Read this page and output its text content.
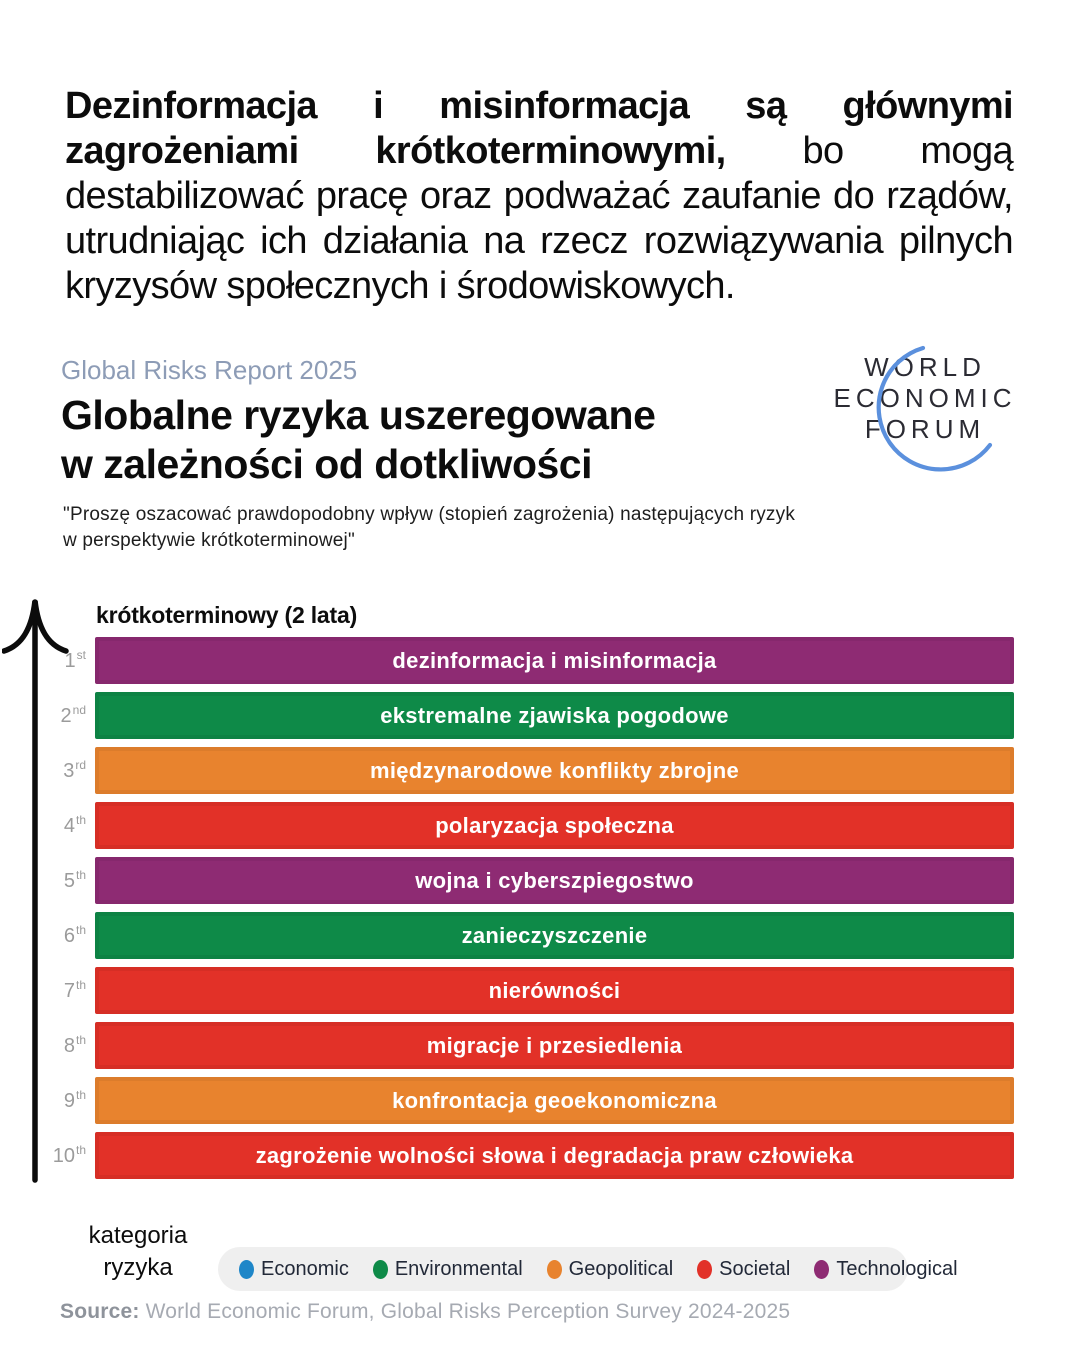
Dezinformacja i misinformacja są głównymi zagrożeniami krótkoterminowymi, bo mogą destabilizować pracę oraz podważać zaufanie do rządów, utrudniając ich działania na rzecz rozwiązywania pilnych kryzysów społecznych i środowiskowych.

Global Risks Report 2025
Globalne ryzyka uszeregowane
w zależności od dotkliwości
"Proszę oszacować prawdopodobny wpływ (stopień zagrożenia) następujących ryzyk
w perspektywie krótkoterminowej"
WORLD
ECONOMIC
FORUM
krótkoterminowy (2 lata)
1 st	dezinformacja i misinformacja
2 nd	ekstremalne zjawiska pogodowe
3 rd	międzynarodowe konflikty zbrojne
4 th	polaryzacja społeczna
5 th	wojna i cyberszpiegostwo
6 th	zanieczyszczenie
7 th	nierówności
8 th	migracje i przesiedlenia
9 th	konfrontacja geoekonomiczna
10 th	zagrożenie wolności słowa i degradacja praw człowieka
kategoria
ryzyka	Economic Environmental Geopolitical Societal Technological
Source: World Economic Forum, Global Risks Perception Survey 2024-2025
